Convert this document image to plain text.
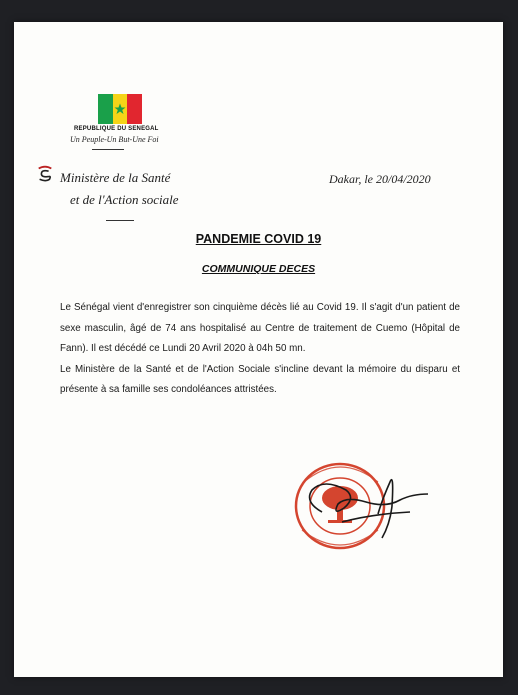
REPUBLIQUE DU SENEGAL
Un Peuple-Un But-Une Foi
Ministère de la Santé
et de l'Action sociale
Dakar, le 20/04/2020
PANDEMIE COVID 19
COMMUNIQUE DECES

Le Sénégal vient d'enregistrer son cinquième décès lié au Covid 19. Il s'agit d'un patient de sexe masculin, âgé de 74 ans hospitalisé au Centre de traitement de Cuemo (Hôpital de Fann). Il est décédé ce Lundi 20 Avril 2020 à 04h 50 mn.

Le Ministère de la Santé et de l'Action Sociale s'incline devant la mémoire du disparu et présente à sa famille ses condoléances attristées.
